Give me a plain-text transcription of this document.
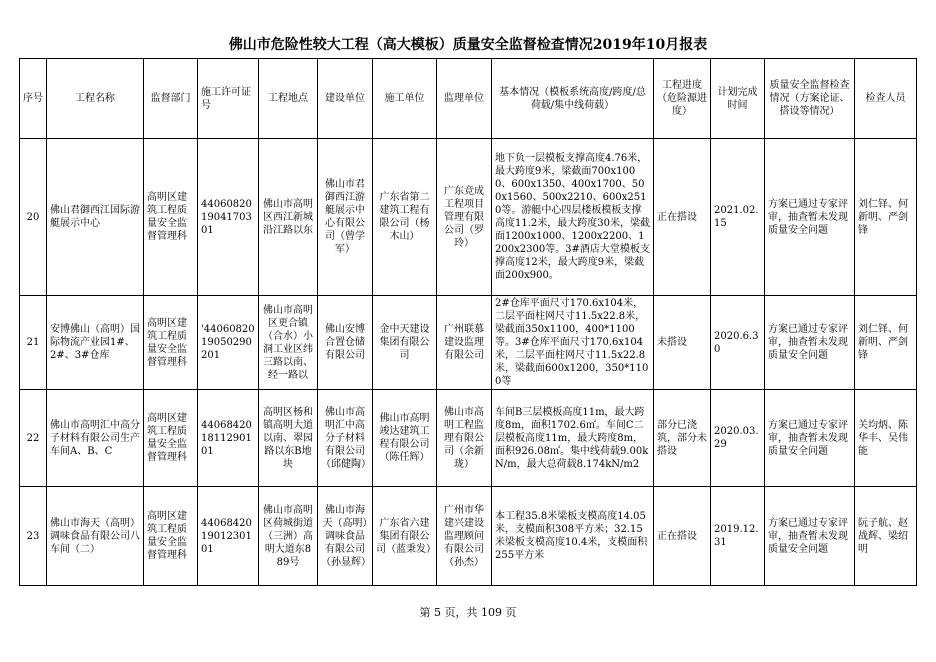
佛山市危险性较大工程（高大模板）质量安全监督检查情况2019年10月报表
序号	工程名称	监督部门	施工许可证号	工程地点	建设单位	施工单位	监理单位	基本情况（模板系统高度/跨度/总荷载/集中线荷载）	工程进度（危险源进度）	计划完成时间	质量安全监督检查情况（方案论证、搭设等情况）	检查人员
20	佛山君御西江国际游艇展示中心	高明区建筑工程质量安全监督管理科	440608201904170301	佛山市高明区西江新城沿江路以东	佛山市君御西江游艇展示中心有限公司（曾学军）	广东省第二建筑工程有限公司（杨木山）	广东竞成工程项目管理有限公司（罗玲）	地下负一层模板支撑高度4.76米，最大跨度9米，梁截面700x1000、600x1350、400x1700、500x1560、500x2210、600x2510等。游艇中心四层楼板模板支撑高度11.2米，最大跨度30米，梁截面1200x1000、1200x2200、1200x2300等。3#酒店大堂模板支撑高度12米，最大跨度9米，梁截面200x900。	正在搭设	2021.02.15	方案已通过专家评审，抽查暂未发现质量安全问题	刘仁铎、何新明、严剑锋
21	安博佛山（高明）国际物流产业园1#、2#、3#仓库	高明区建筑工程质量安全监督管理科	'4406082019050290201	佛山市高明区更合镇（合水）小洞工业区纬三路以南、经一路以	佛山安博合置仓储有限公司	金中天建设集团有限公司	广州联慕建设监理有限公司	2#仓库平面尺寸170.6x104米，二层平面柱网尺寸11.5x22.8米，梁截面350x1100，400*1100等。3#仓库平面尺寸170.6x104米，二层平面柱网尺寸11.5x22.8米，梁截面600x1200，350*1100等	未搭设	2020.6.30	方案已通过专家评审，抽查暂未发现质量安全问题	刘仁铎、何新明、严剑锋
22	佛山市高明汇中高分子材料有限公司生产车间A、B、C	高明区建筑工程质量安全监督管理科	440684201811290101	高明区杨和镇高明大道以南、翠园路以东B地块	佛山市高明汇中高分子材料有限公司（邱健陶）	佛山市高明竣达建筑工程有限公司（陈任辉）	佛山市高明工程监理有限公司（余新珑）	车间B三层模板高度11m，最大跨度8m，面积1702.6㎡。车间C二层模板高度11m，最大跨度8m，面积926.08㎡。集中线荷载9.00kN/m，最大总荷载8.174kN/m2	部分已浇筑，部分未搭设	2020.03.29	方案已通过专家评审，抽查暂未发现质量安全问题	关均炳、陈华丰、吴伟能
23	佛山市海天（高明）调味食品有限公司八车间（二）	高明区建筑工程质量安全监督管理科	440684201901230101	佛山市高明区荷城街道（三洲）高明大道东889号	佛山市海天（高明）调味食品有限公司（孙显辉）	广东省六建集团有限公司（蓝秉发）	广州市华建兴建设监理顾问有限公司（孙杰）	本工程35.8米梁板支模高度14.05米，支模面积308平方米；32.15米梁板支模高度10.4米，支模面积255平方米	正在搭设	2019.12.31	方案已通过专家评审，抽查暂未发现质量安全问题	阮子航、赵战辉、梁绍明
第 5 页，共 109 页
